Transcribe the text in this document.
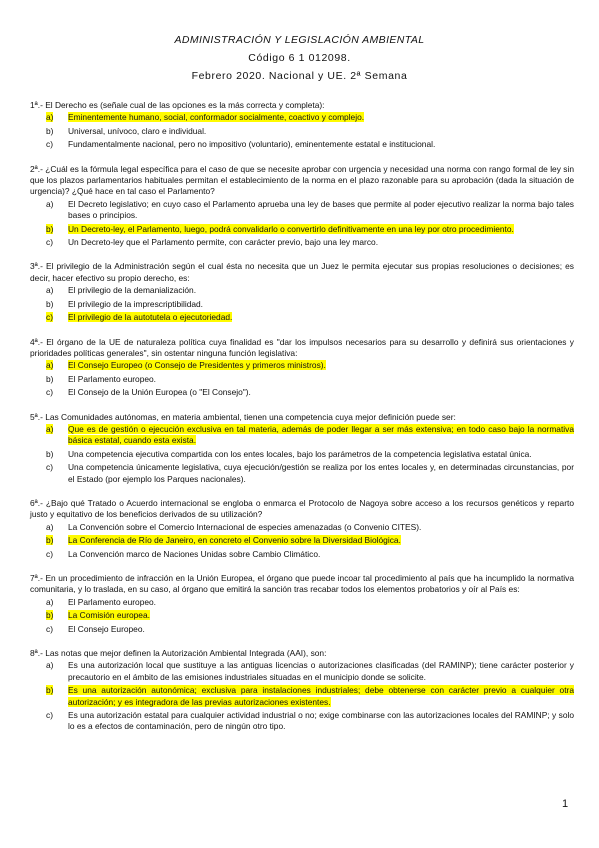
ADMINISTRACIÓN Y LEGISLACIÓN AMBIENTAL
Código 6 1 012098.
Febrero 2020. Nacional y UE. 2ª Semana
1ª.- El Derecho es (señale cual de las opciones es la más correcta y completa):
a)	Eminentemente humano, social, conformador socialmente, coactivo y complejo.
b)	Universal, unívoco, claro e individual.
c)	Fundamentalmente nacional, pero no impositivo (voluntario), eminentemente estatal e institucional.
2ª.- ¿Cuál es la fórmula legal específica para el caso de que se necesite aprobar con urgencia y necesidad una norma con rango formal de ley sin que los plazos parlamentarios habituales permitan el establecimiento de la norma en el plazo razonable para su aprobación (dada la situación de urgencia)? ¿Qué hace en tal caso el Parlamento?
a)	El Decreto legislativo; en cuyo caso el Parlamento aprueba una ley de bases que permite al poder ejecutivo realizar la norma bajo tales bases o principios.
b)	Un Decreto-ley, el Parlamento, luego, podrá convalidarlo o convertirlo definitivamente en una ley por otro procedimiento.
c)	Un Decreto-ley que el Parlamento permite, con carácter previo, bajo una ley marco.
3ª.- El privilegio de la Administración según el cual ésta no necesita que un Juez le permita ejecutar sus propias resoluciones o decisiones; es decir, hacer efectivo su propio derecho, es:
a)	El privilegio de la demanialización.
b)	El privilegio de la imprescriptibilidad.
c)	El privilegio de la autotutela o ejecutoriedad.
4ª.- El órgano de la UE de naturaleza política cuya finalidad es "dar los impulsos necesarios para su desarrollo y definirá sus orientaciones y prioridades políticas generales", sin ostentar ninguna función legislativa:
a)	El Consejo Europeo (o Consejo de Presidentes y primeros ministros).
b)	El Parlamento europeo.
c)	El Consejo de la Unión Europea (o "El Consejo").
5ª.- Las Comunidades autónomas, en materia ambiental, tienen una competencia cuya mejor definición puede ser:
a)	Que es de gestión o ejecución exclusiva en tal materia, además de poder llegar a ser más extensiva; en todo caso bajo la normativa básica estatal, cuando esta exista.
b)	Una competencia ejecutiva compartida con los entes locales, bajo los parámetros de la competencia legislativa estatal única.
c)	Una competencia únicamente legislativa, cuya ejecución/gestión se realiza por los entes locales y, en determinadas circunstancias, por el Estado (por ejemplo los Parques nacionales).
6ª.- ¿Bajo qué Tratado o Acuerdo internacional se engloba o enmarca el Protocolo de Nagoya sobre acceso a los recursos genéticos y reparto justo y equitativo de los beneficios derivados de su utilización?
a)	La Convención sobre el Comercio Internacional de especies amenazadas (o Convenio CITES).
b)	La Conferencia de Río de Janeiro, en concreto el Convenio sobre la Diversidad Biológica.
c)	La Convención marco de Naciones Unidas sobre Cambio Climático.
7ª.- En un procedimiento de infracción en la Unión Europea, el órgano que puede incoar tal procedimiento al país que ha incumplido la normativa comunitaria, y lo traslada, en su caso, al órgano que emitirá la sanción tras recabar todos los elementos probatorios y oír al País es:
a)	El Parlamento europeo.
b)	La Comisión europea.
c)	El Consejo Europeo.
8ª.- Las notas que mejor definen la Autorización Ambiental Integrada (AAI), son:
a)	Es una autorización local que sustituye a las antiguas licencias o autorizaciones clasificadas (del RAMINP); tiene carácter posterior y precautorio en el ámbito de las emisiones industriales situadas en el municipio donde se solicite.
b)	Es una autorización autonómica; exclusiva para instalaciones industriales; debe obtenerse con carácter previo a cualquier otra autorización; y es integradora de las previas autorizaciones existentes.
c)	Es una autorización estatal para cualquier actividad industrial o no; exige combinarse con las autorizaciones locales del RAMINP; y solo lo es a efectos de contaminación, pero de ningún otro tipo.
1
